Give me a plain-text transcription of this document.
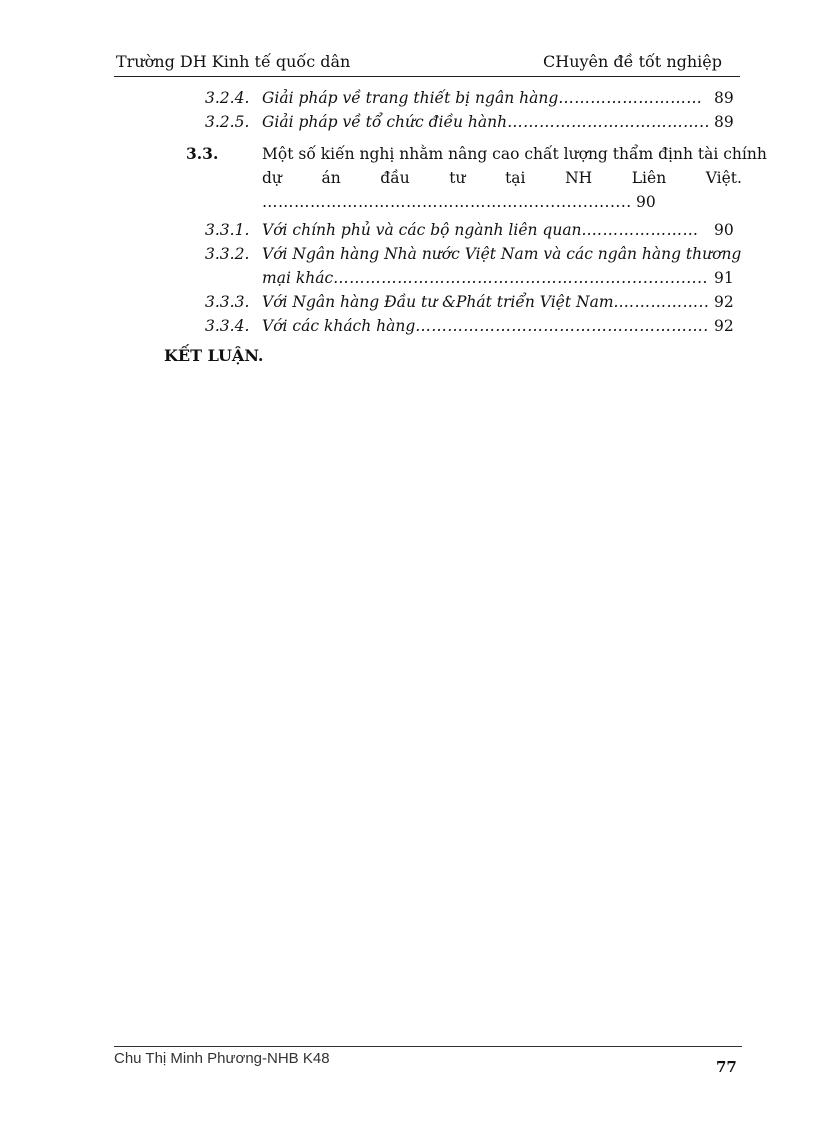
Trường DH Kinh tế quốc dân	CHuyên đề tốt nghiệp
3.2.4. Giải pháp về trang thiết bị ngân hàng……………………… 89
3.2.5. Giải pháp về tổ chức điều hành……………………………….. 89
3.3.	Một số kiến nghị nhằm nâng cao chất lượng thẩm định tài chính
dự	án	đầu	tư	tại	NH	Liên	Việt.
…………………………………………….................. 90
3.3.1. Với chính phủ và các bộ ngành liên quan.………………… 90
3.3.2. Với Ngân hàng Nhà nước Việt Nam và các ngân hàng thương
mại khác………………………………………………................ 91
3.3.3. Với Ngân hàng Đầu tư &Phát triển Việt Nam.…………….. 92
3.3.4. Với các khách hàng………………………………………………. 92
KẾT LUẬN.
Chu Thị Minh Phương-NHB K48	77
